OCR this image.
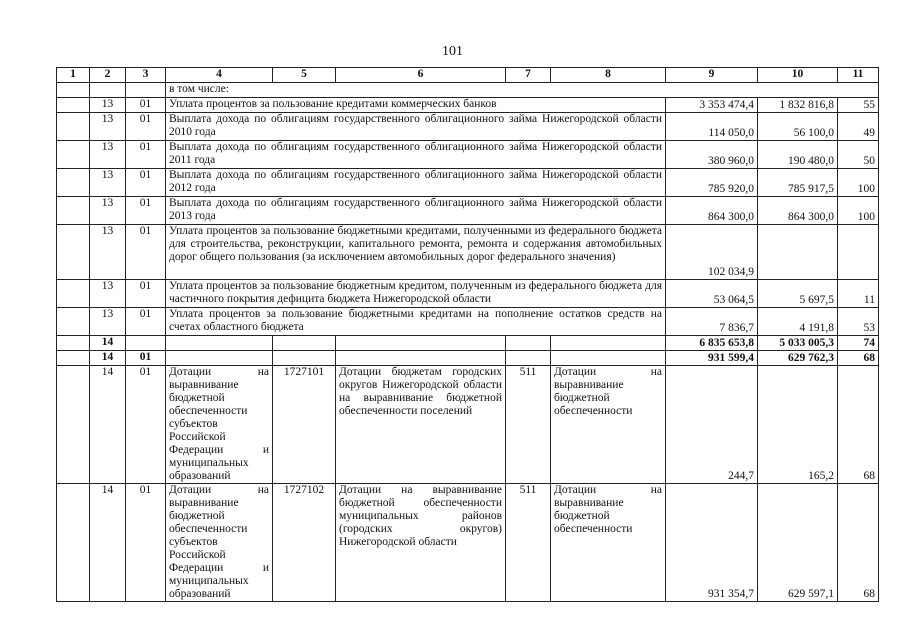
101
1	2	3	4	5	6	7	8	9	10	11
			в том числе:							
	13	01	Уплата процентов за пользование кредитами коммерческих банков					3 353 474,4	1 832 816,8	55
	13	01	Выплата дохода по облигациям государственного облигационного займа Нижегородской области 2010 года					114 050,0	56 100,0	49
	13	01	Выплата дохода по облигациям государственного облигационного займа Нижегородской области 2011 года					380 960,0	190 480,0	50
	13	01	Выплата дохода по облигациям государственного облигационного займа Нижегородской области 2012 года					785 920,0	785 917,5	100
	13	01	Выплата дохода по облигациям государственного облигационного займа Нижегородской области 2013 года					864 300,0	864 300,0	100
	13	01	Уплата процентов за пользование бюджетными кредитами, полученными из федерального бюджета для строительства, реконструкции, капитального ремонта, ремонта и содержания автомобильных дорог общего пользования (за исключением автомобильных дорог федерального значения)					102 034,9		
	13	01	Уплата процентов за пользование бюджетным кредитом, полученным из федерального бюджета для частичного покрытия дефицита бюджета Нижегородской области					53 064,5	5 697,5	11
	13	01	Уплата процентов за пользование бюджетными кредитами на пополнение остатков средств на счетах областного бюджета					7 836,7	4 191,8	53
	14							6 835 653,8	5 033 005,3	74
	14	01						931 599,4	629 762,3	68
	14	01	Дотации на выравнивание бюджетной обеспеченности субъектов Российской Федерации и муниципальных образований	1727101	Дотации бюджетам городских округов Нижегородской области на выравнивание бюджетной обеспеченности поселений	511	Дотации на выравнивание бюджетной обеспеченности	244,7	165,2	68
	14	01	Дотации на выравнивание бюджетной обеспеченности субъектов Российской Федерации и муниципальных образований	1727102	Дотации на выравнивание бюджетной обеспеченности муниципальных районов (городских округов) Нижегородской области	511	Дотации на выравнивание бюджетной обеспеченности	931 354,7	629 597,1	68
